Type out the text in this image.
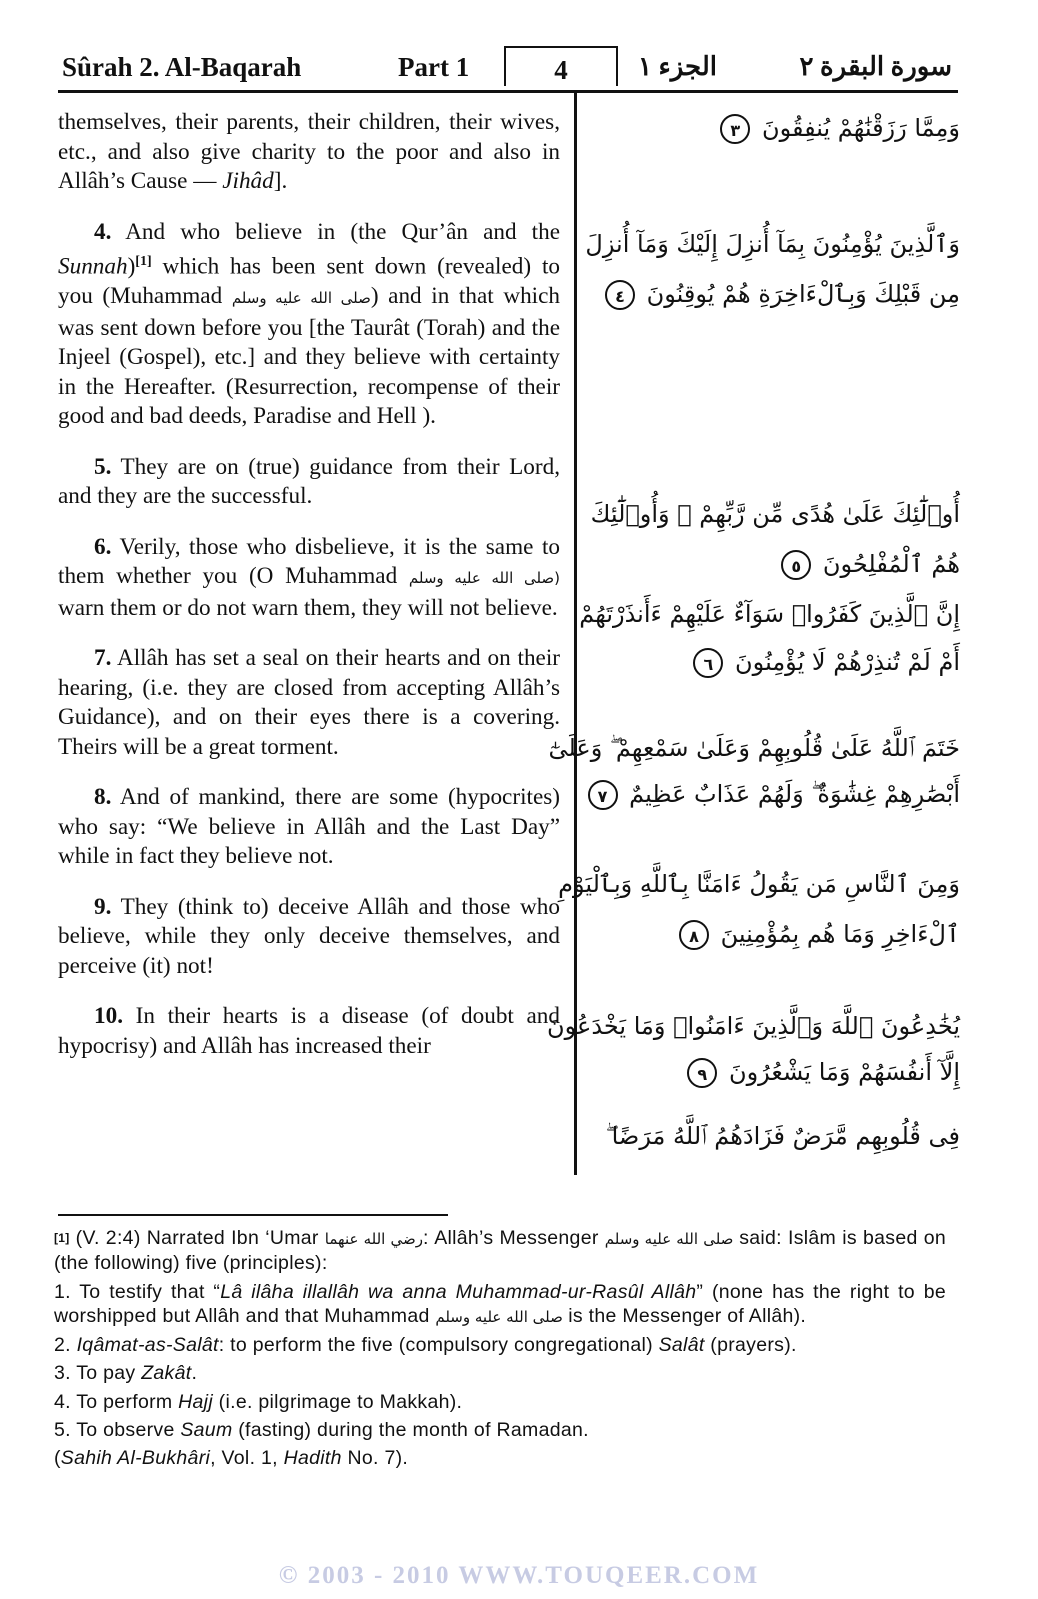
Sûrah 2. Al-Baqarah	Part 1	4	الجزء ١	سورة البقرة ٢

themselves, their parents, their children, their wives, etc., and also give charity to the poor and also in Allâh’s Cause — Jihâd].

4. And who believe in (the Qur’ân and the Sunnah)[1] which has been sent down (revealed) to you (Muhammad صلى الله عليه وسلم) and in that which was sent down before you [the Taurât (Torah) and the Injeel (Gospel), etc.] and they believe with certainty in the Hereafter. (Resurrection, recompense of their good and bad deeds, Paradise and Hell ).

5. They are on (true) guidance from their Lord, and they are the successful.

6. Verily, those who disbelieve, it is the same to them whether you (O Muhammad (صلى الله عليه وسلم warn them or do not warn them, they will not believe.

7. Allâh has set a seal on their hearts and on their hearing, (i.e. they are closed from accepting Allâh’s Guidance), and on their eyes there is a covering. Theirs will be a great torment.

8. And of mankind, there are some (hypocrites) who say: “We believe in Allâh and the Last Day” while in fact they believe not.

9. They (think to) deceive Allâh and those who believe, while they only deceive themselves, and perceive (it) not!

10. In their hearts is a disease (of doubt and hypocrisy) and Allâh has increased their

وَمِمَّا رَزَقْنَٰهُمْ يُنفِقُونَ ٣
وَٱلَّذِينَ يُؤْمِنُونَ بِمَآ أُنزِلَ إِلَيْكَ وَمَآ أُنزِلَ
مِن قَبْلِكَ وَبِٱلْءَاخِرَةِ هُمْ يُوقِنُونَ ٤
أُو۟لَٰٓئِكَ عَلَىٰ هُدًى مِّن رَّبِّهِمْ ۖ وَأُو۟لَٰٓئِكَ
هُمُ ٱلْمُفْلِحُونَ ٥
إِنَّ ٱلَّذِينَ كَفَرُوا۟ سَوَآءٌ عَلَيْهِمْ ءَأَنذَرْتَهُمْ
أَمْ لَمْ تُنذِرْهُمْ لَا يُؤْمِنُونَ ٦
خَتَمَ ٱللَّهُ عَلَىٰ قُلُوبِهِمْ وَعَلَىٰ سَمْعِهِمْ ۖ وَعَلَىٰٓ
أَبْصَٰرِهِمْ غِشَٰوَةٌ ۖ وَلَهُمْ عَذَابٌ عَظِيمٌ ٧
وَمِنَ ٱلنَّاسِ مَن يَقُولُ ءَامَنَّا بِٱللَّهِ وَبِٱلْيَوْمِ
ٱلْءَاخِرِ وَمَا هُم بِمُؤْمِنِينَ ٨
يُخَٰدِعُونَ ٱللَّهَ وَٱلَّذِينَ ءَامَنُوا۟ وَمَا يَخْدَعُونَ
إِلَّآ أَنفُسَهُمْ وَمَا يَشْعُرُونَ ٩
فِى قُلُوبِهِم مَّرَضٌ فَزَادَهُمُ ٱللَّهُ مَرَضًا ۖ

[1] (V. 2:4) Narrated Ibn ‘Umar رضي الله عنهما: Allâh’s Messenger صلى الله عليه وسلم said: Islâm is based on (the following) five (principles):

1. To testify that “Lâ ilâha illallâh wa anna Muhammad-ur-Rasûl Allâh” (none has the right to be worshipped but Allâh and that Muhammad صلى الله عليه وسلم is the Messenger of Allâh).

2. Iqâmat-as-Salât: to perform the five (compulsory congregational) Salât (prayers).

3. To pay Zakât.

4. To perform Hajj (i.e. pilgrimage to Makkah).

5. To observe Saum (fasting) during the month of Ramadan.

(Sahih Al-Bukhâri, Vol. 1, Hadith No. 7).

© 2003 - 2010 WWW.TOUQEER.COM
